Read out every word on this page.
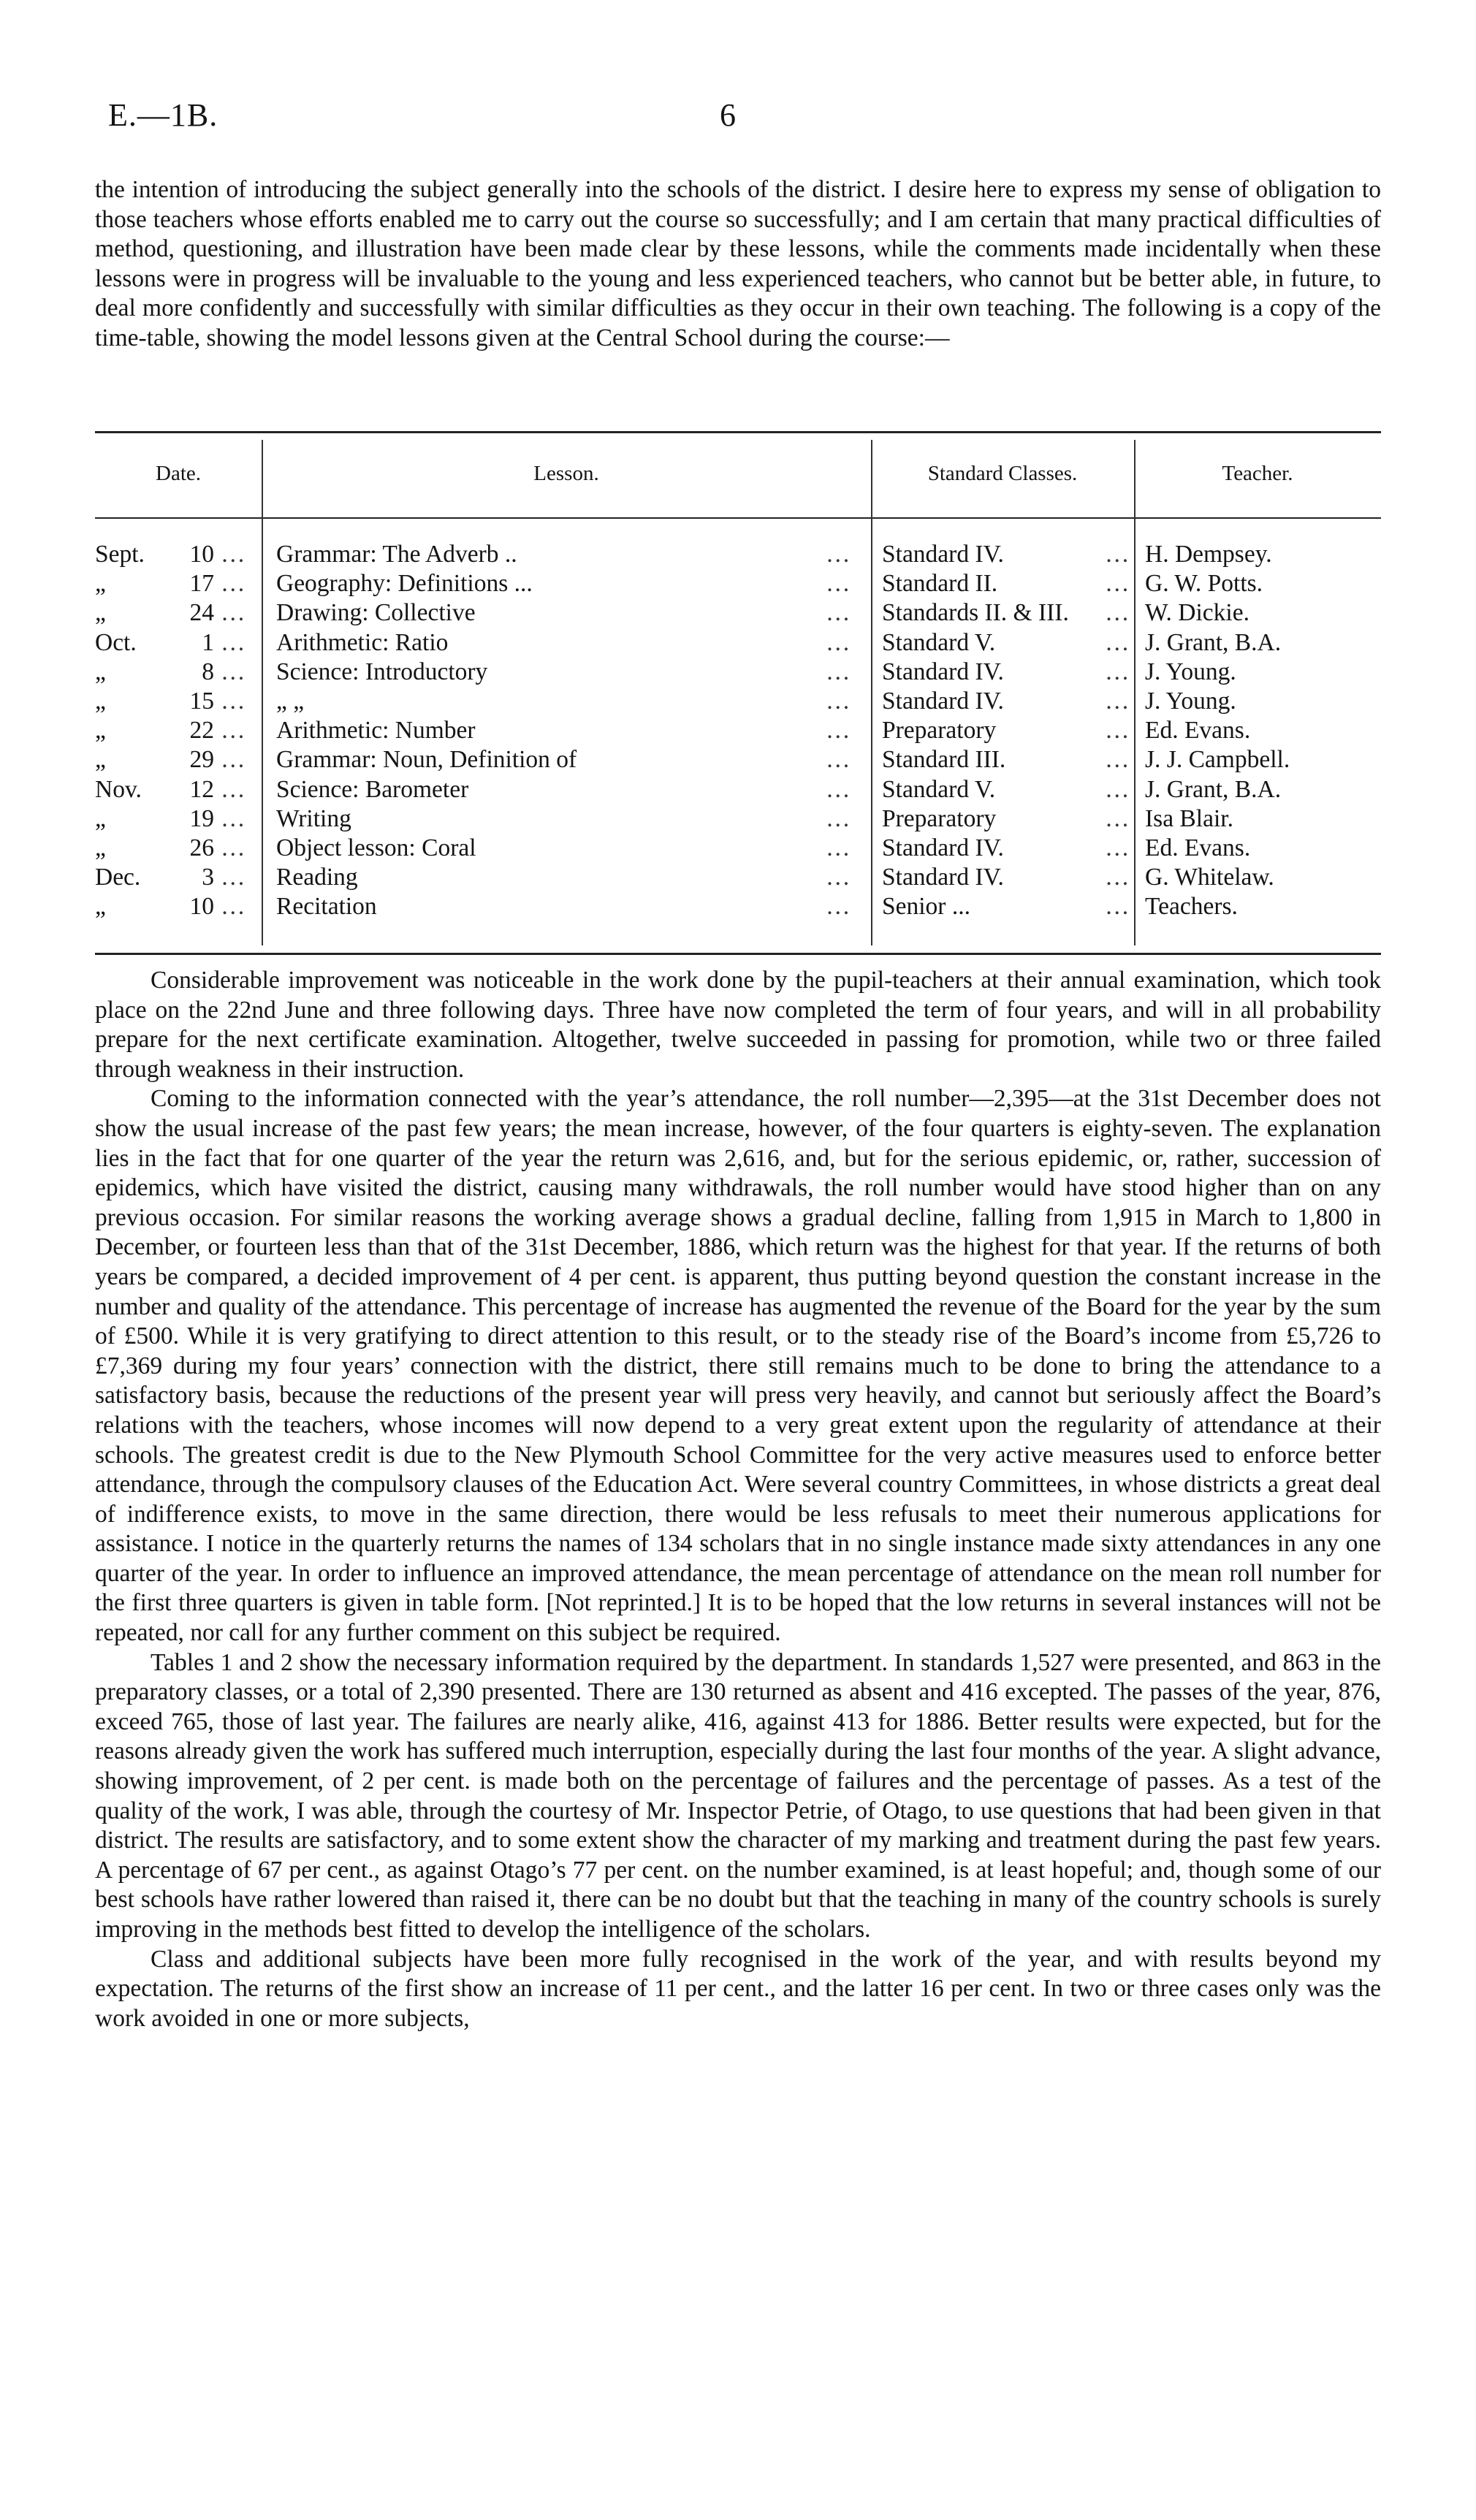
E.—1B.	6

the intention of introducing the subject generally into the schools of the district. I desire here to express my sense of obligation to those teachers whose efforts enabled me to carry out the course so successfully; and I am certain that many practical difficulties of method, questioning, and illustration have been made clear by these lessons, while the comments made incidentally when these lessons were in progress will be invaluable to the young and less experienced teachers, who cannot but be better able, in future, to deal more confidently and successfully with similar difficulties as they occur in their own teaching. The following is a copy of the time-table, showing the model lessons given at the Central School during the course:—

Date.	Lesson.	Standard Classes.	Teacher.
Sept.	10	Grammar: The Adverb ..	Standard IV.	H. Dempsey.
…	…	…
„	17	Geography: Definitions ...	Standard II.	G. W. Potts.
…	…	…
„	24	Drawing: Collective	Standards II. & III.	W. Dickie.
…	…	…
Oct.	1	Arithmetic: Ratio	Standard V.	J. Grant, B.A.
…	…	…
„	8	Science: Introductory	Standard IV.	J. Young.
…	…	…
„	15	„ „	Standard IV.	J. Young.
…	…	…
„	22	Arithmetic: Number	Preparatory	Ed. Evans.
…	…	…
„	29	Grammar: Noun, Definition of	Standard III.	J. J. Campbell.
…	…	…
Nov.	12	Science: Barometer	Standard V.	J. Grant, B.A.
…	…	…
„	19	Writing	Preparatory	Isa Blair.
…	…	…
„	26	Object lesson: Coral	Standard IV.	Ed. Evans.
…	…	…
Dec.	3	Reading	Standard IV.	G. Whitelaw.
…	…	…
„	10	Recitation	Senior ...	Teachers.
…	…	…

Considerable improvement was noticeable in the work done by the pupil-teachers at their annual examination, which took place on the 22nd June and three following days. Three have now completed the term of four years, and will in all probability prepare for the next certificate examination. Altogether, twelve succeeded in passing for promotion, while two or three failed through weakness in their instruction.

Coming to the information connected with the year’s attendance, the roll number—2,395—at the 31st December does not show the usual increase of the past few years; the mean increase, however, of the four quarters is eighty-seven. The explanation lies in the fact that for one quarter of the year the return was 2,616, and, but for the serious epidemic, or, rather, succession of epidemics, which have visited the district, causing many withdrawals, the roll number would have stood higher than on any previous occasion. For similar reasons the working average shows a gradual decline, falling from 1,915 in March to 1,800 in December, or fourteen less than that of the 31st December, 1886, which return was the highest for that year. If the returns of both years be compared, a decided improvement of 4 per cent. is apparent, thus putting beyond question the constant increase in the number and quality of the attendance. This percentage of increase has augmented the revenue of the Board for the year by the sum of £500. While it is very gratifying to direct attention to this result, or to the steady rise of the Board’s income from £5,726 to £7,369 during my four years’ connection with the district, there still remains much to be done to bring the attendance to a satisfactory basis, because the reductions of the present year will press very heavily, and cannot but seriously affect the Board’s relations with the teachers, whose incomes will now depend to a very great extent upon the regularity of attendance at their schools. The greatest credit is due to the New Plymouth School Committee for the very active measures used to enforce better attendance, through the compulsory clauses of the Education Act. Were several country Committees, in whose districts a great deal of indifference exists, to move in the same direction, there would be less refusals to meet their numerous applications for assistance. I notice in the quarterly returns the names of 134 scholars that in no single instance made sixty attendances in any one quarter of the year. In order to influence an improved attendance, the mean percentage of attendance on the mean roll number for the first three quarters is given in table form. [Not reprinted.] It is to be hoped that the low returns in several instances will not be repeated, nor call for any further comment on this subject be required.

Tables 1 and 2 show the necessary information required by the department. In standards 1,527 were presented, and 863 in the preparatory classes, or a total of 2,390 presented. There are 130 returned as absent and 416 excepted. The passes of the year, 876, exceed 765, those of last year. The failures are nearly alike, 416, against 413 for 1886. Better results were expected, but for the reasons already given the work has suffered much interruption, especially during the last four months of the year. A slight advance, showing improvement, of 2 per cent. is made both on the percentage of failures and the percentage of passes. As a test of the quality of the work, I was able, through the courtesy of Mr. Inspector Petrie, of Otago, to use questions that had been given in that district. The results are satisfactory, and to some extent show the character of my marking and treatment during the past few years. A percentage of 67 per cent., as against Otago’s 77 per cent. on the number examined, is at least hopeful; and, though some of our best schools have rather lowered than raised it, there can be no doubt but that the teaching in many of the country schools is surely improving in the methods best fitted to develop the intelligence of the scholars.

Class and additional subjects have been more fully recognised in the work of the year, and with results beyond my expectation. The returns of the first show an increase of 11 per cent., and the latter 16 per cent. In two or three cases only was the work avoided in one or more subjects,
